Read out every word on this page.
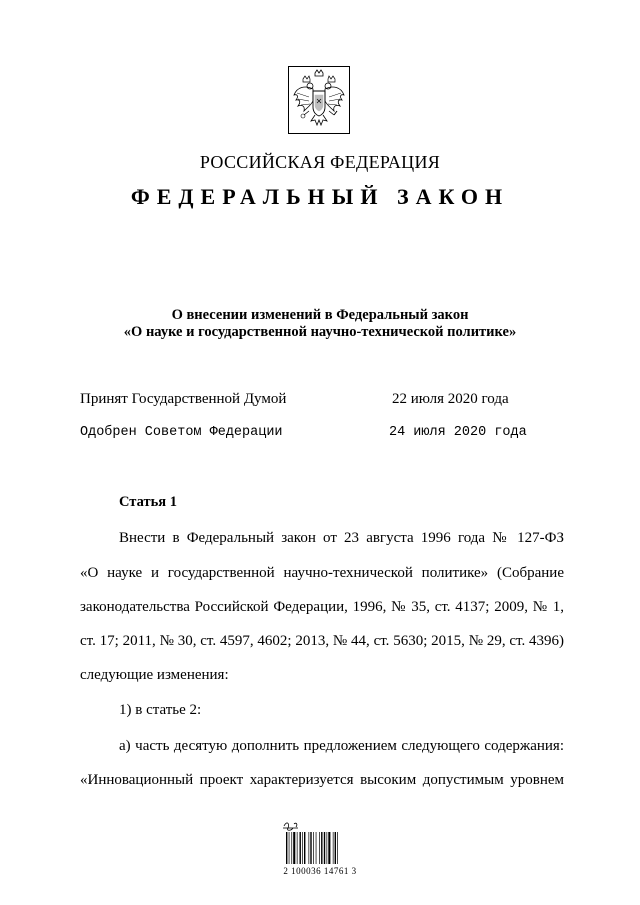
РОССИЙСКАЯ ФЕДЕРАЦИЯ
ФЕДЕРАЛЬНЫЙ ЗАКОН
О внесении изменений в Федеральный закон
«О науке и государственной научно-технической политике»
Принят Государственной Думой	22 июля 2020 года
Одобрен Советом Федерации	24 июля 2020 года
Статья 1
Внести в Федеральный закон от 23 августа 1996 года № 127-ФЗ
«О науке и государственной научно-технической политике» (Собрание
законодательства Российской Федерации, 1996, № 35, ст. 4137; 2009, № 1,
ст. 17; 2011, № 30, ст. 4597, 4602; 2013, № 44, ст. 5630; 2015, № 29, ст. 4396)
следующие изменения:
1) в статье 2:
а) часть десятую дополнить предложением следующего содержания:
«Инновационный проект характеризуется высоким допустимым уровнем
2 100036 14761 3
